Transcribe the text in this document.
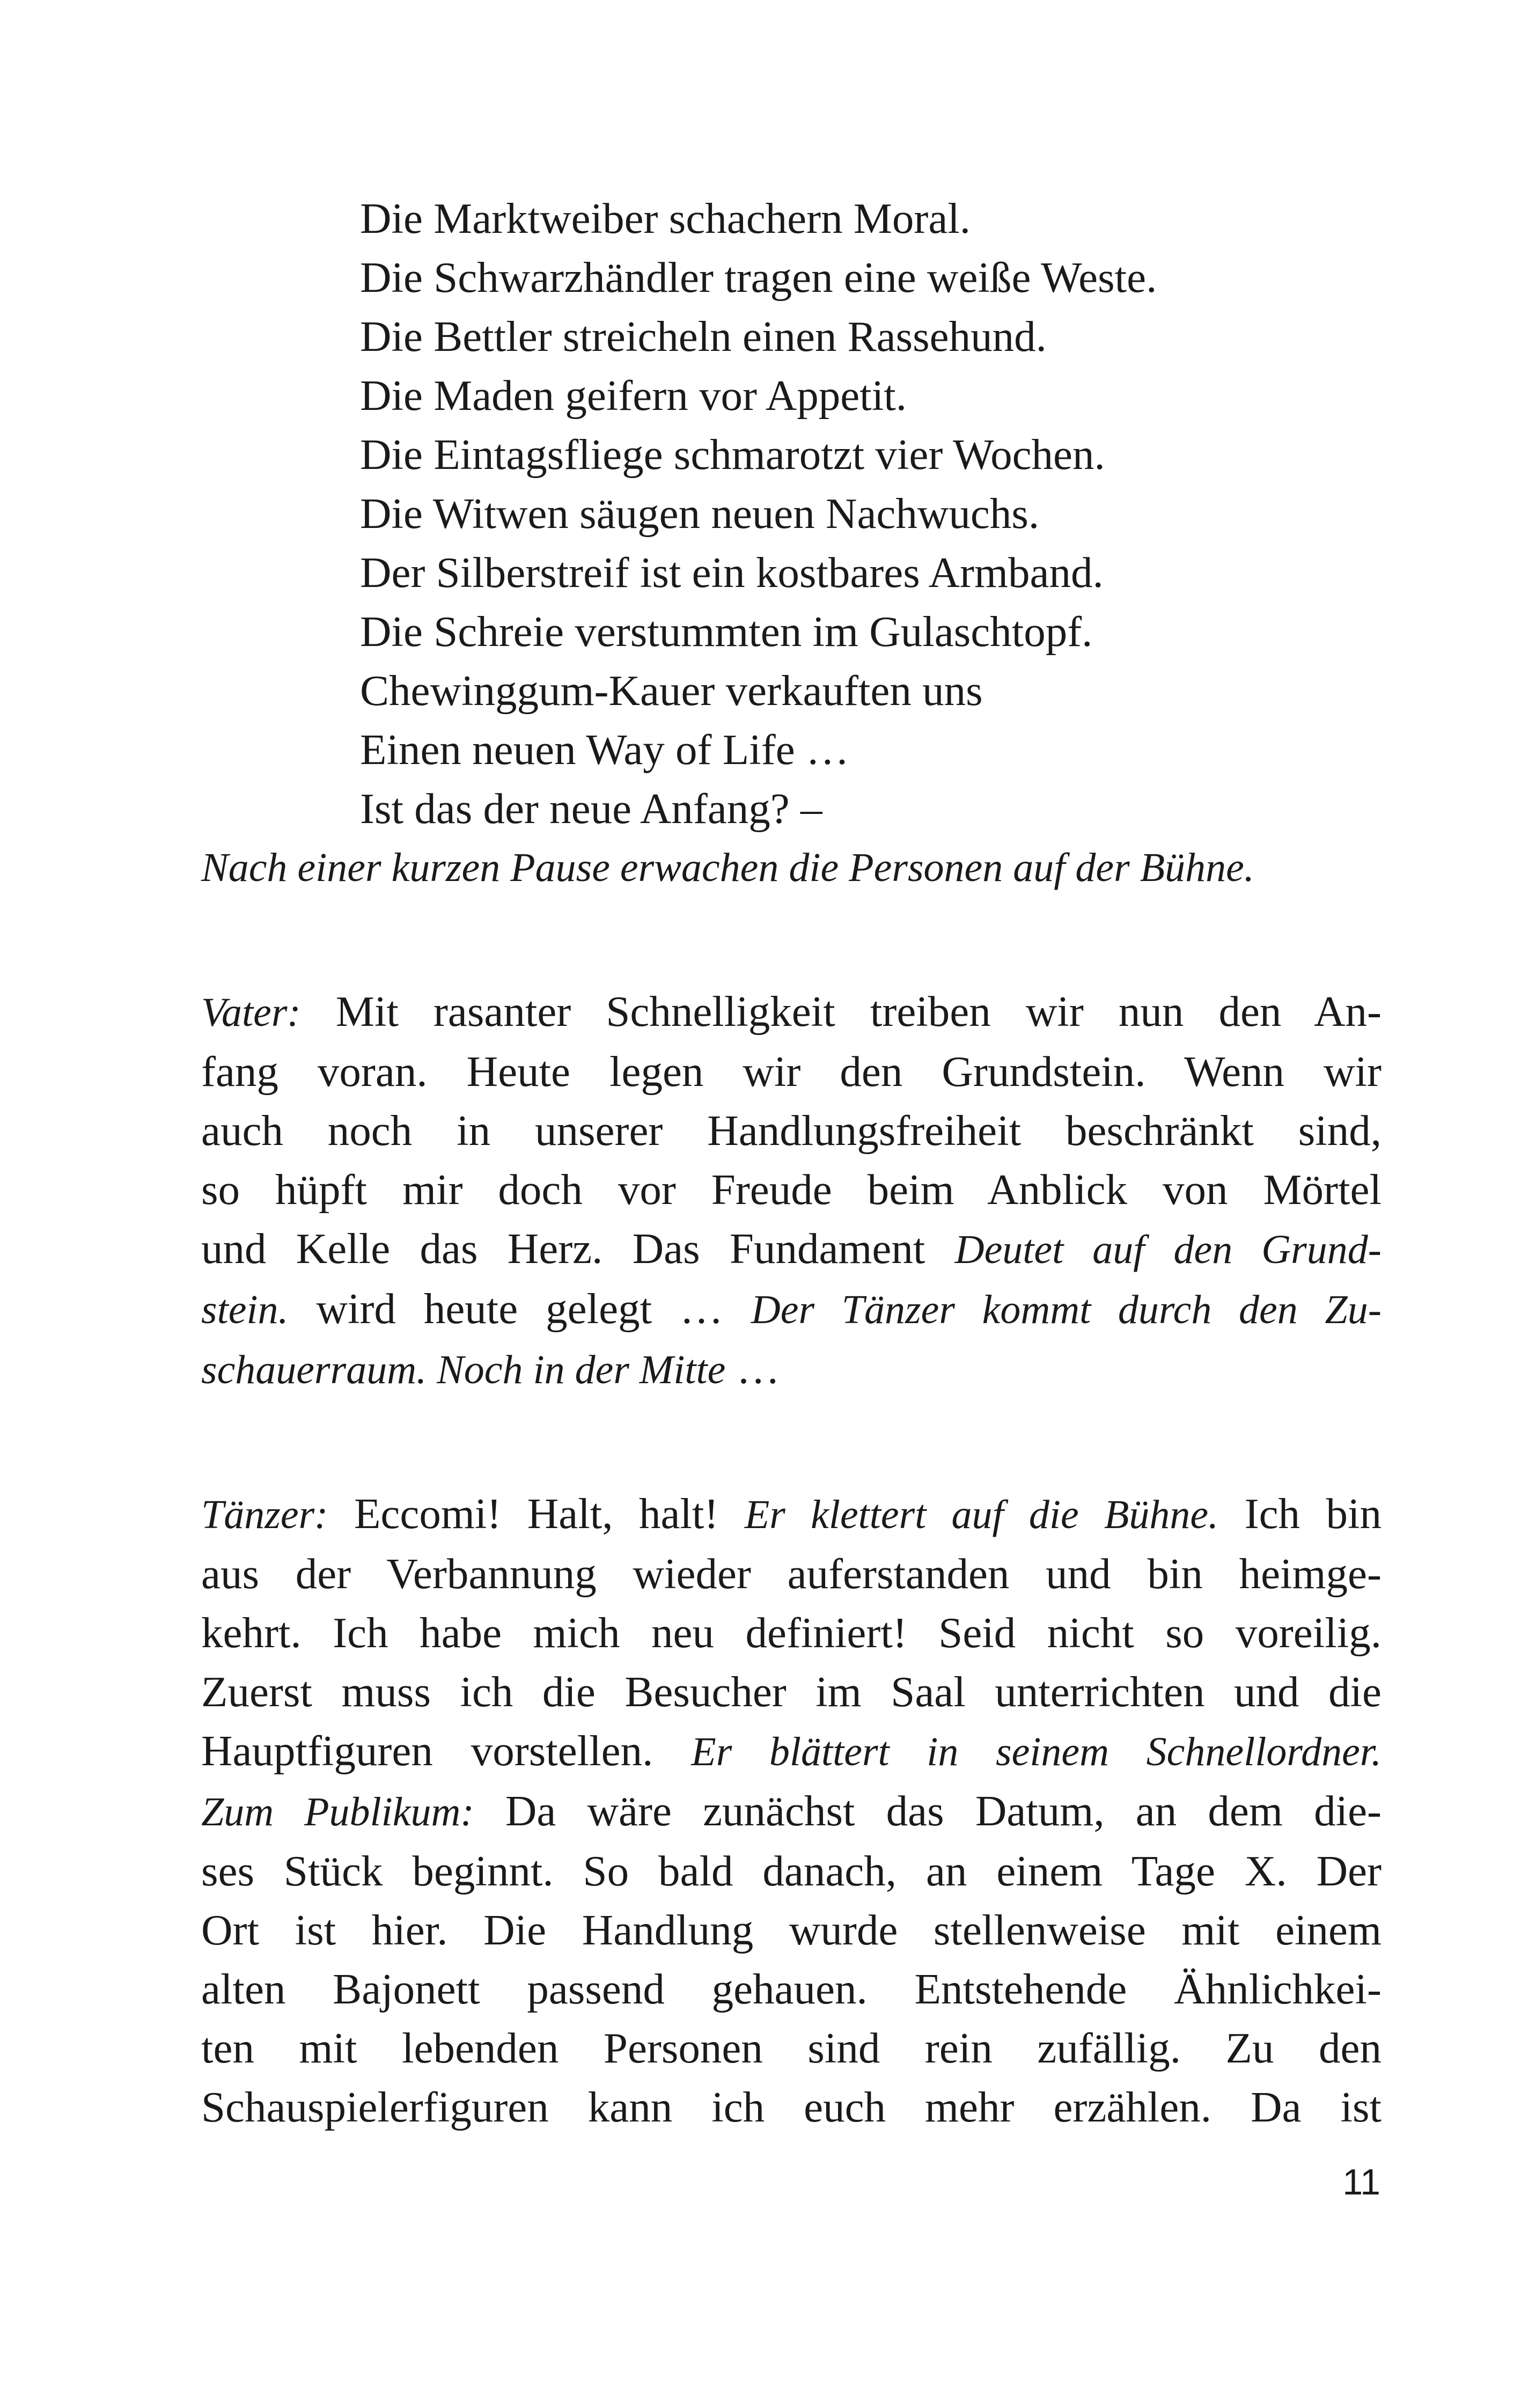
Die Marktweiber schachern Moral.
Die Schwarzhändler tragen eine weiße Weste.
Die Bettler streicheln einen Rassehund.
Die Maden geifern vor Appetit.
Die Eintagsfliege schmarotzt vier Wochen.
Die Witwen säugen neuen Nachwuchs.
Der Silberstreif ist ein kostbares Armband.
Die Schreie verstummten im Gulaschtopf.
Chewinggum-Kauer verkauften uns
Einen neuen Way of Life …
Ist das der neue Anfang? –
Nach einer kurzen Pause erwachen die Personen auf der Bühne.
Vater: Mit rasanter Schnelligkeit treiben wir nun den An-
fang voran. Heute legen wir den Grundstein. Wenn wir
auch noch in unserer Handlungsfreiheit beschränkt sind,
so hüpft mir doch vor Freude beim Anblick von Mörtel
und Kelle das Herz. Das Fundament Deutet auf den Grund-
stein. wird heute gelegt … Der Tänzer kommt durch den Zu-
schauerraum. Noch in der Mitte …
Tänzer: Eccomi! Halt, halt! Er klettert auf die Bühne. Ich bin
aus der Verbannung wieder auferstanden und bin heimge-
kehrt. Ich habe mich neu definiert! Seid nicht so voreilig.
Zuerst muss ich die Besucher im Saal unterrichten und die
Hauptfiguren vorstellen. Er blättert in seinem Schnellordner.
Zum Publikum: Da wäre zunächst das Datum, an dem die-
ses Stück beginnt. So bald danach, an einem Tage X. Der
Ort ist hier. Die Handlung wurde stellenweise mit einem
alten Bajonett passend gehauen. Entstehende Ähnlichkei-
ten mit lebenden Personen sind rein zufällig. Zu den
Schauspielerfiguren kann ich euch mehr erzählen. Da ist
11
